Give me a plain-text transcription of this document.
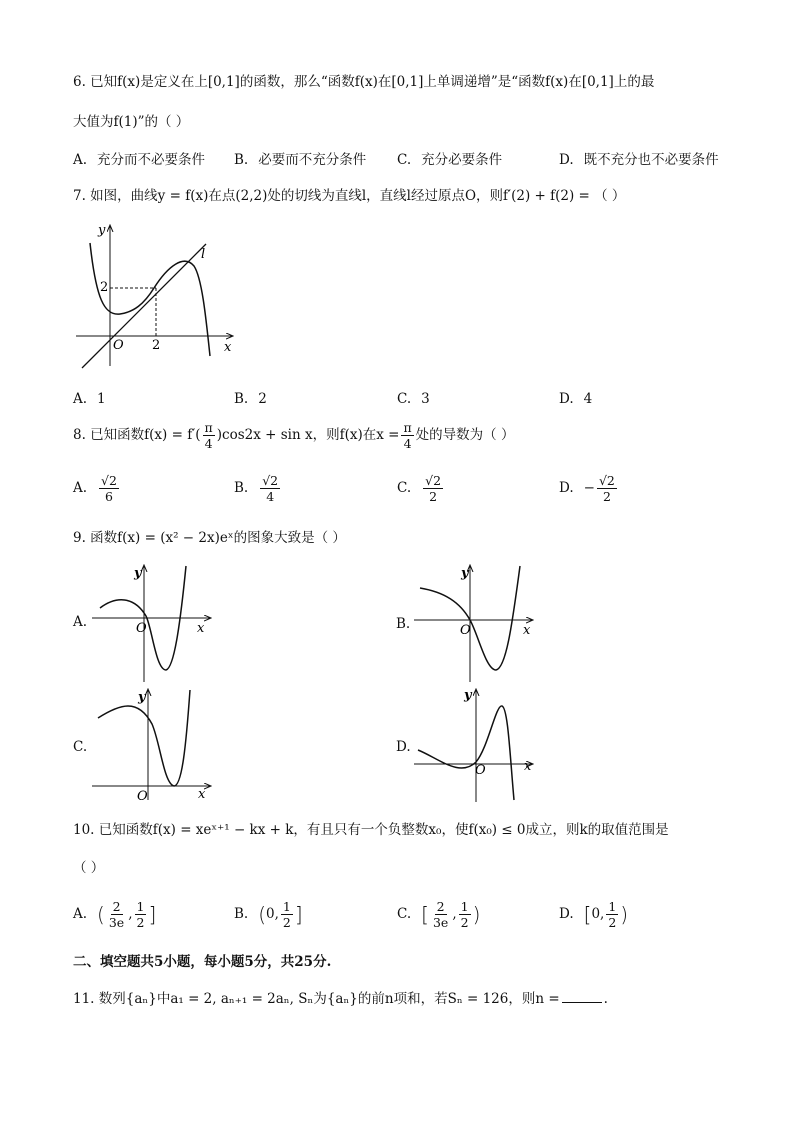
6. 已知f(x)是定义在上[0,1]的函数，那么“函数f(x)在[0,1]上单调递增”是“函数f(x)在[0,1]上的最
大值为f(1)”的（ ）
A. 充分而不必要条件 B. 必要而不充分条件 C. 充分必要条件	D. 既不充分也不必要条件
7. 如图，曲线y = f(x)在点(2,2)处的切线为直线l，直线l经过原点O，则f′(2) + f(2) = （ ）
y
x
O
l
2
2
A. 1	B. 2	C. 3	D. 4
8. 已知函数$f(x) = f'( \frac{\pi}{4} )\cos 2x + \sin x$，则f(x)在$x = \frac{\pi}{4}$ 处的导数为（ ）
A. $\frac{√2}{6}$	B. $\frac{√2}{4}$	C. $\frac{√2}{2}$	D. − $\frac{√2}{2}$
9. 函数f(x) = (x² − 2x)eˣ的图象大致是（ ）
A.
y
x
O	B.
y
x
O
C.
y
x
O
D.
y
x
O
10. 已知函数f(x) = xeˣ⁺¹ − kx + k，有且只有一个负整数x₀，使f(x₀) ≤ 0成立，则k的取值范围是
（ ）
A. ( $\frac{2}{3e}$ , $\frac{1}{2}$ ]	B. (0, $\frac{1}{2}$ ]	C. [ $\frac{2}{3e}$ , $\frac{1}{2}$ )	D. [0, $\frac{1}{2}$ )
二、填空题共5小题，每小题5分，共25分.
11. 数列{aₙ}中a₁ = 2, aₙ₊₁ = 2aₙ, Sₙ为{aₙ}的前n项和，若Sₙ = 126，则n =	.
